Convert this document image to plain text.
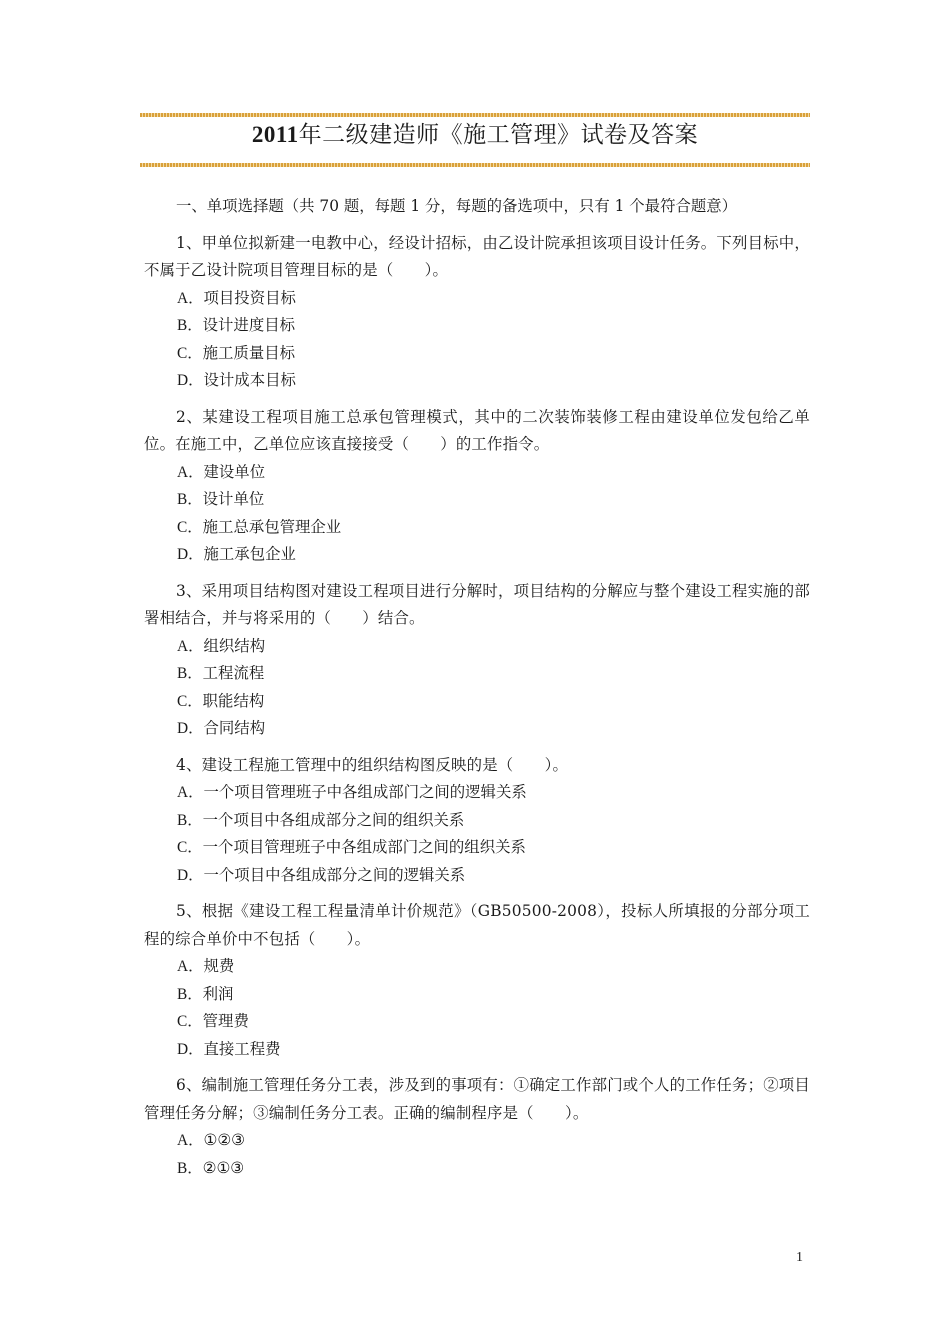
2011年二级建造师《施工管理》试卷及答案

一、单项选择题（共 70 题，每题 1 分，每题的备选项中，只有 1 个最符合题意）

1、甲单位拟新建一电教中心，经设计招标，由乙设计院承担该项目设计任务。下列目标中，不属于乙设计院项目管理目标的是（　　）。

A．项目投资目标

B．设计进度目标

C．施工质量目标

D．设计成本目标

2、某建设工程项目施工总承包管理模式，其中的二次装饰装修工程由建设单位发包给乙单位。在施工中，乙单位应该直接接受（　　）的工作指令。

A．建设单位

B．设计单位

C．施工总承包管理企业

D．施工承包企业

3、采用项目结构图对建设工程项目进行分解时，项目结构的分解应与整个建设工程实施的部署相结合，并与将采用的（　　）结合。

A．组织结构

B．工程流程

C．职能结构

D．合同结构

4、建设工程施工管理中的组织结构图反映的是（　　）。

A．一个项目管理班子中各组成部门之间的逻辑关系

B．一个项目中各组成部分之间的组织关系

C．一个项目管理班子中各组成部门之间的组织关系

D．一个项目中各组成部分之间的逻辑关系

5、根据《建设工程工程量清单计价规范》（GB50500-2008），投标人所填报的分部分项工程的综合单价中不包括（　　）。

A．规费

B．利润

C．管理费

D．直接工程费

6、编制施工管理任务分工表，涉及到的事项有：①确定工作部门或个人的工作任务；②项目管理任务分解；③编制任务分工表。正确的编制程序是（　　）。

A．①②③

B．②①③

1
